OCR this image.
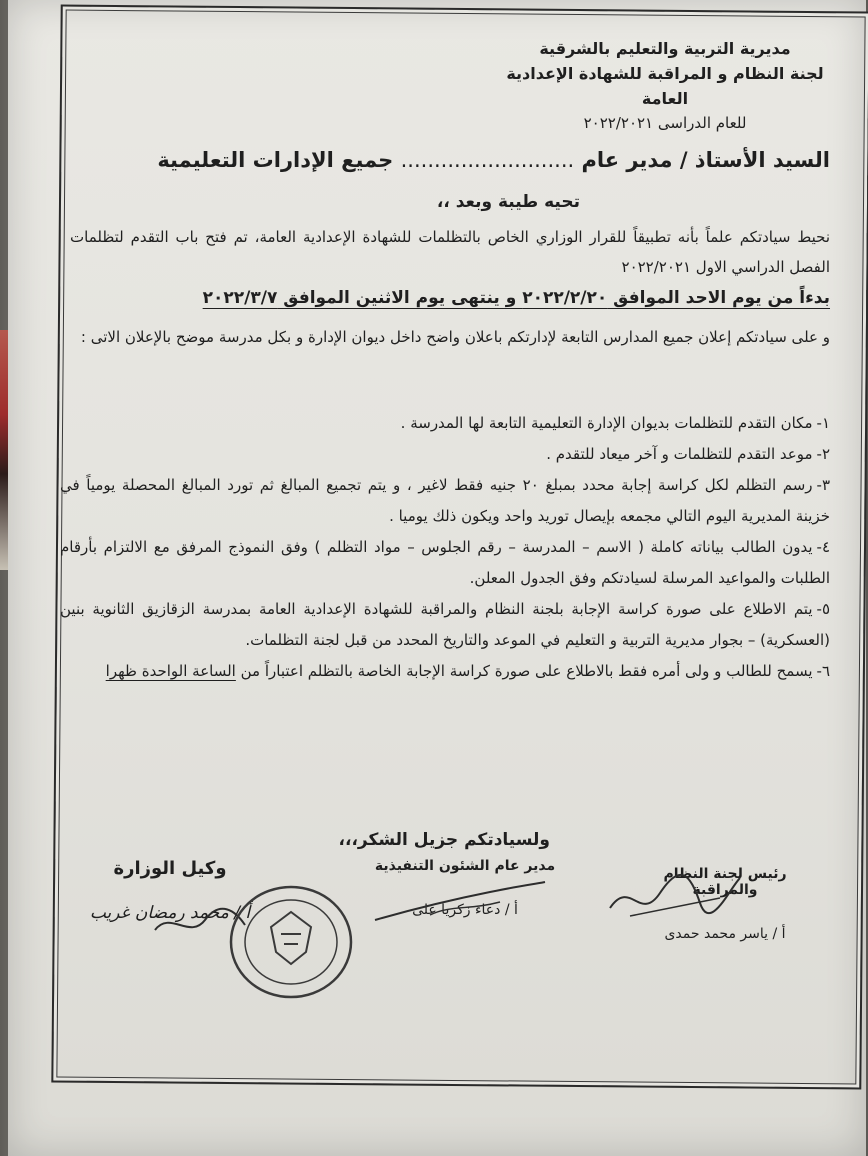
مديرية التربية والتعليم بالشرقية
لجنة النظام و المراقبة للشهادة الإعدادية العامة
للعام الدراسى ٢٠٢٢/٢٠٢١
السيد الأستاذ / مدير عام .......................... جميع الإدارات التعليمية
تحيه طيبة وبعد ،،
نحيط سيادتكم علماً بأنه تطبيقاً للقرار الوزاري الخاص بالتظلمات للشهادة الإعدادية العامة، تم فتح باب التقدم لتظلمات الفصل الدراسي الاول ٢٠٢٢/٢٠٢١
بدءاً من يوم الاحد الموافق ٢٠٢٢/٢/٢٠ و ينتهى يوم الاثنين الموافق ٢٠٢٢/٣/٧
و على سيادتكم إعلان جميع المدارس التابعة لإدارتكم باعلان واضح داخل ديوان الإدارة و بكل مدرسة موضح بالإعلان الاتى :
١-مكان التقدم للتظلمات بديوان الإدارة التعليمية التابعة لها المدرسة .
٢-موعد التقدم للتظلمات و آخر ميعاد للتقدم .
٣-رسم التظلم لكل كراسة إجابة محدد بمبلغ ٢٠ جنيه فقط لاغير ، و يتم تجميع المبالغ ثم تورد المبالغ المحصلة يومياً في خزينة المديرية اليوم التالي مجمعه بإيصال توريد واحد ويكون ذلك يوميا .
٤-يدون الطالب بياناته كاملة ( الاسم – المدرسة – رقم الجلوس – مواد التظلم ) وفق النموذج المرفق مع الالتزام بأرقام الطلبات والمواعيد المرسلة لسيادتكم وفق الجدول المعلن.
٥-يتم الاطلاع على صورة كراسة الإجابة بلجنة النظام والمراقبة للشهادة الإعدادية العامة بمدرسة الزقازيق الثانوية بنين (العسكرية) – بجوار مديرية التربية و التعليم في الموعد والتاريخ المحدد من قبل لجنة التظلمات.
٦-يسمح للطالب و ولى أمره فقط بالاطلاع على صورة كراسة الإجابة الخاصة بالتظلم اعتباراً من الساعة الواحدة ظهرا
ولسيادتكم جزيل الشكر،،،
رئيس لجنة النظام والمراقبة
أ / ياسر محمد حمدى
مدير عام الشئون التنفيذية
أ / دعاء زكريا على
وكيل الوزارة
أ / محمد رمضان غريب
